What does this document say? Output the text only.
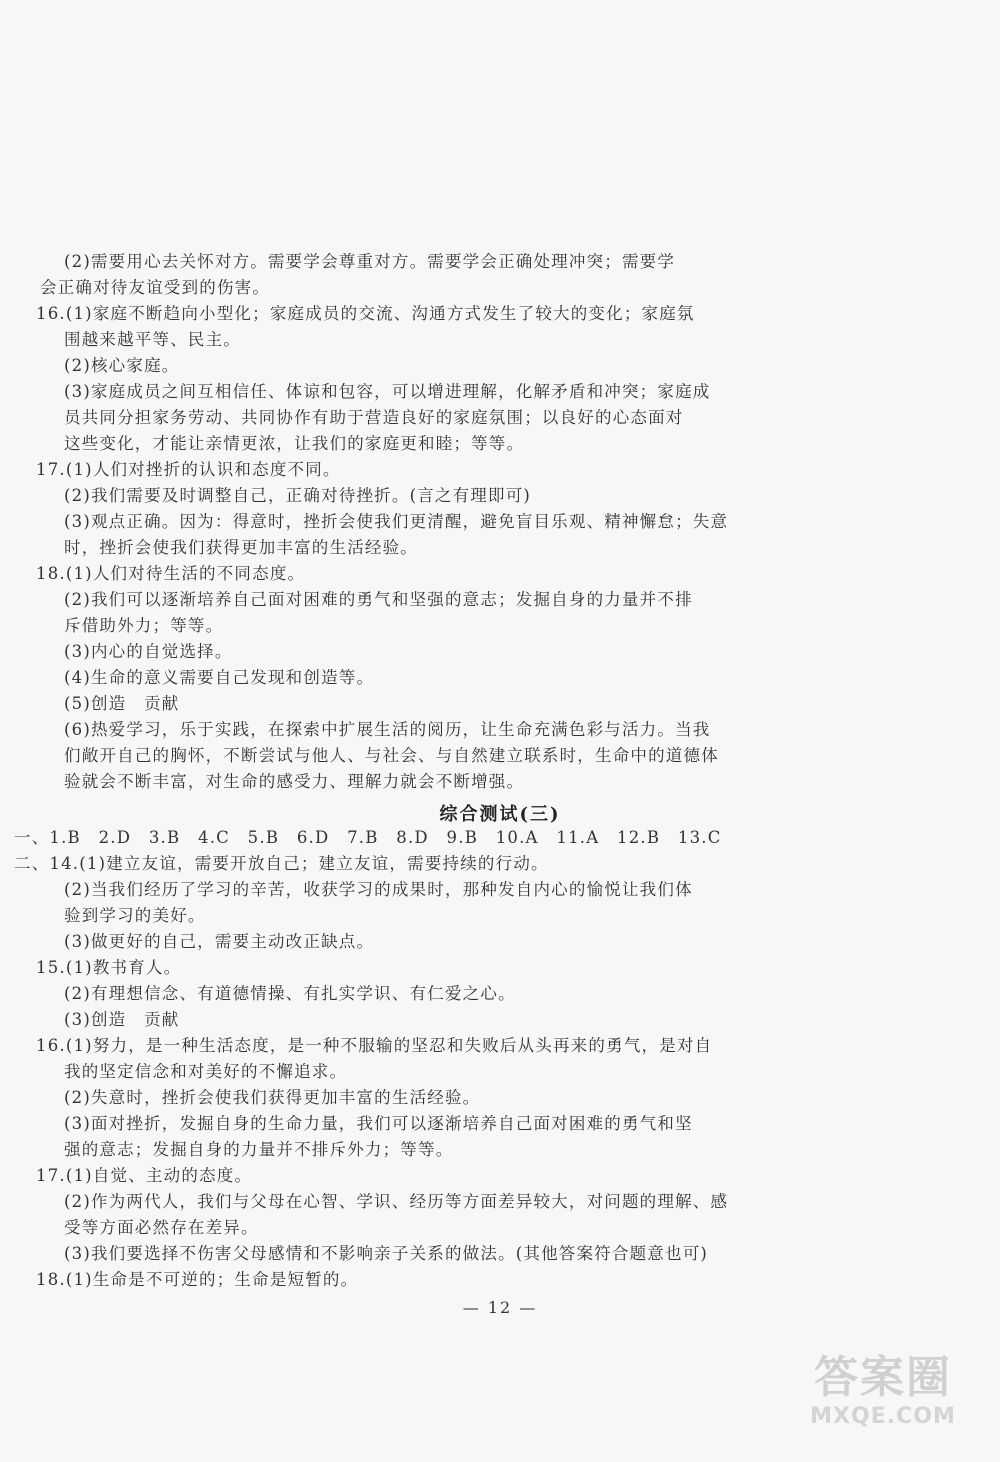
(2)需要用心去关怀对方。需要学会尊重对方。需要学会正确处理冲突；需要学
会正确对待友谊受到的伤害。
16.(1)家庭不断趋向小型化；家庭成员的交流、沟通方式发生了较大的变化；家庭氛
围越来越平等、民主。
(2)核心家庭。
(3)家庭成员之间互相信任、体谅和包容，可以增进理解，化解矛盾和冲突；家庭成
员共同分担家务劳动、共同协作有助于营造良好的家庭氛围；以良好的心态面对
这些变化，才能让亲情更浓，让我们的家庭更和睦；等等。
17.(1)人们对挫折的认识和态度不同。
(2)我们需要及时调整自己，正确对待挫折。(言之有理即可)
(3)观点正确。因为：得意时，挫折会使我们更清醒，避免盲目乐观、精神懈怠；失意
时，挫折会使我们获得更加丰富的生活经验。
18.(1)人们对待生活的不同态度。
(2)我们可以逐渐培养自己面对困难的勇气和坚强的意志；发掘自身的力量并不排
斥借助外力；等等。
(3)内心的自觉选择。
(4)生命的意义需要自己发现和创造等。
(5)创造　贡献
(6)热爱学习，乐于实践，在探索中扩展生活的阅历，让生命充满色彩与活力。当我
们敞开自己的胸怀，不断尝试与他人、与社会、与自然建立联系时，生命中的道德体
验就会不断丰富，对生命的感受力、理解力就会不断增强。
综合测试(三)
一、1.B　2.D　3.B　4.C　5.B　6.D　7.B　8.D　9.B　10.A　11.A　12.B　13.C
二、14.(1)建立友谊，需要开放自己；建立友谊，需要持续的行动。
(2)当我们经历了学习的辛苦，收获学习的成果时，那种发自内心的愉悦让我们体
验到学习的美好。
(3)做更好的自己，需要主动改正缺点。
15.(1)教书育人。
(2)有理想信念、有道德情操、有扎实学识、有仁爱之心。
(3)创造　贡献
16.(1)努力，是一种生活态度，是一种不服输的坚忍和失败后从头再来的勇气，是对自
我的坚定信念和对美好的不懈追求。
(2)失意时，挫折会使我们获得更加丰富的生活经验。
(3)面对挫折，发掘自身的生命力量，我们可以逐渐培养自己面对困难的勇气和坚
强的意志；发掘自身的力量并不排斥外力；等等。
17.(1)自觉、主动的态度。
(2)作为两代人，我们与父母在心智、学识、经历等方面差异较大，对问题的理解、感
受等方面必然存在差异。
(3)我们要选择不伤害父母感情和不影响亲子关系的做法。(其他答案符合题意也可)
18.(1)生命是不可逆的；生命是短暂的。
— 12 —
答案圈
MXQE.COM
